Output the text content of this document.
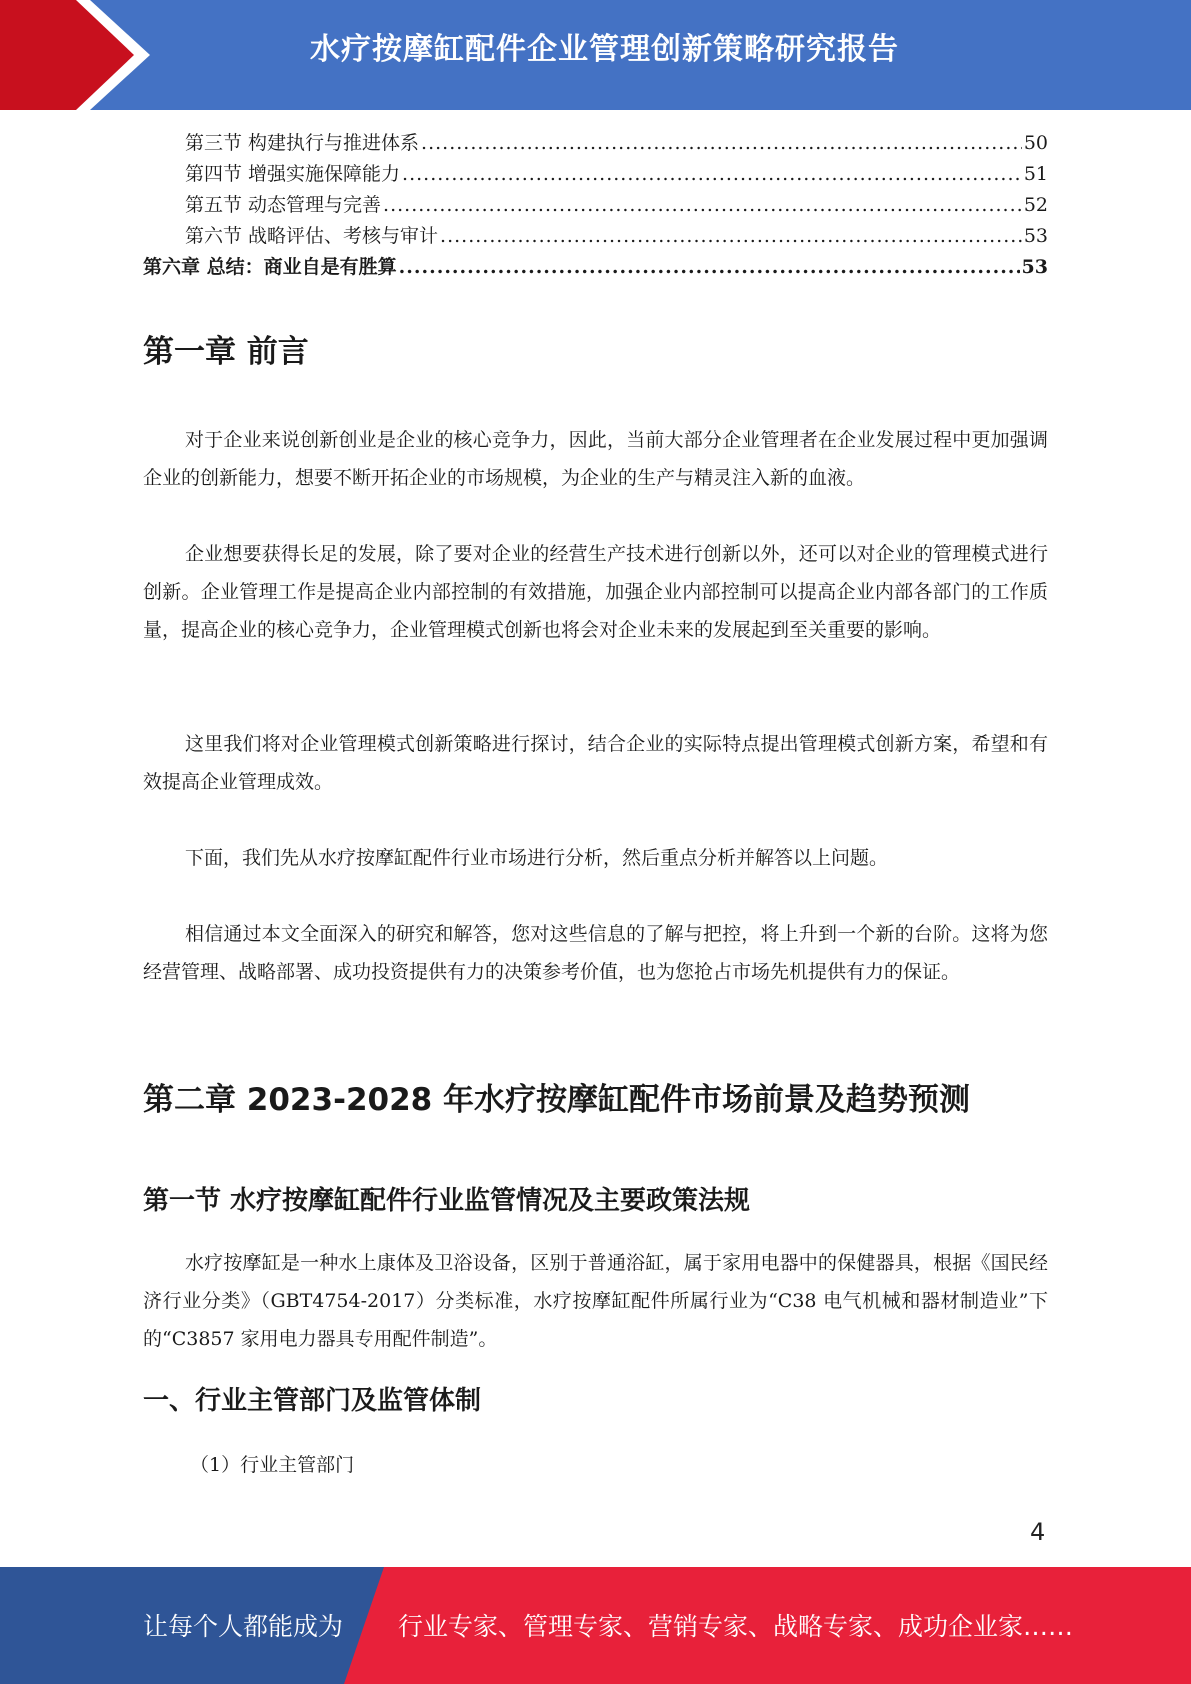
水疗按摩缸配件企业管理创新策略研究报告
第三节 构建执行与推进体系 .....	50
第四节 增强实施保障能力 .....	51
第五节 动态管理与完善 .....	52
第六节 战略评估、考核与审计 .....	53
第六章 总结：商业自是有胜算 .....	53
第一章 前言

对于企业来说创新创业是企业的核心竞争力，因此，当前大部分企业管理者在企业发展过程中更加强调企业的创新能力，想要不断开拓企业的市场规模，为企业的生产与精灵注入新的血液。

企业想要获得长足的发展，除了要对企业的经营生产技术进行创新以外，还可以对企业的管理模式进行创新。企业管理工作是提高企业内部控制的有效措施，加强企业内部控制可以提高企业内部各部门的工作质量，提高企业的核心竞争力，企业管理模式创新也将会对企业未来的发展起到至关重要的影响。

这里我们将对企业管理模式创新策略进行探讨，结合企业的实际特点提出管理模式创新方案，希望和有效提高企业管理成效。

下面，我们先从水疗按摩缸配件行业市场进行分析，然后重点分析并解答以上问题。

相信通过本文全面深入的研究和解答，您对这些信息的了解与把控，将上升到一个新的台阶。这将为您经营管理、战略部署、成功投资提供有力的决策参考价值，也为您抢占市场先机提供有力的保证。

第二章 2023-2028 年水疗按摩缸配件市场前景及趋势预测
第一节 水疗按摩缸配件行业监管情况及主要政策法规

水疗按摩缸是一种水上康体及卫浴设备，区别于普通浴缸，属于家用电器中的保健器具，根据《国民经济行业分类》（GBT4754-2017）分类标准，水疗按摩缸配件所属行业为“C38 电气机械和器材制造业”下的“C3857 家用电力器具专用配件制造”。

一、行业主管部门及监管体制

（1）行业主管部门

4
让每个人都能成为 行业专家、管理专家、营销专家、战略专家、成功企业家……
